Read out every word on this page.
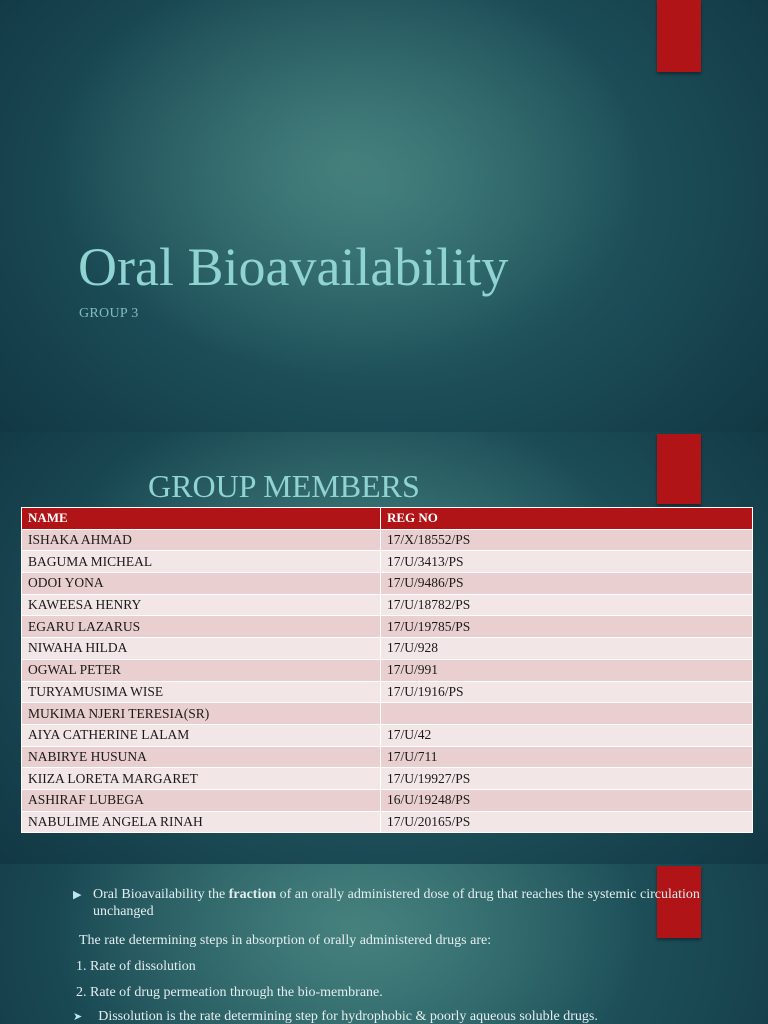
Oral Bioavailability

GROUP 3

GROUP MEMBERS
NAME	REG NO
ISHAKA AHMAD	17/X/18552/PS
BAGUMA MICHEAL	17/U/3413/PS
ODOI YONA	17/U/9486/PS
KAWEESA HENRY	17/U/18782/PS
EGARU LAZARUS	17/U/19785/PS
NIWAHA HILDA	17/U/928
OGWAL PETER	17/U/991
TURYAMUSIMA WISE	17/U/1916/PS
MUKIMA NJERI TERESIA(SR)	
AIYA CATHERINE LALAM	17/U/42
NABIRYE HUSUNA	17/U/711
KIIZA LORETA MARGARET	17/U/19927/PS
ASHIRAF LUBEGA	16/U/19248/PS
NABULIME ANGELA RINAH	17/U/20165/PS
▶ Oral Bioavailability the fraction of an orally administered dose of drug that reaches the systemic circulation unchanged
The rate determining steps in absorption of orally administered drugs are:
1. Rate of dissolution
2. Rate of drug permeation through the bio-membrane.
➤ Dissolution is the rate determining step for hydrophobic & poorly aqueous soluble drugs.
